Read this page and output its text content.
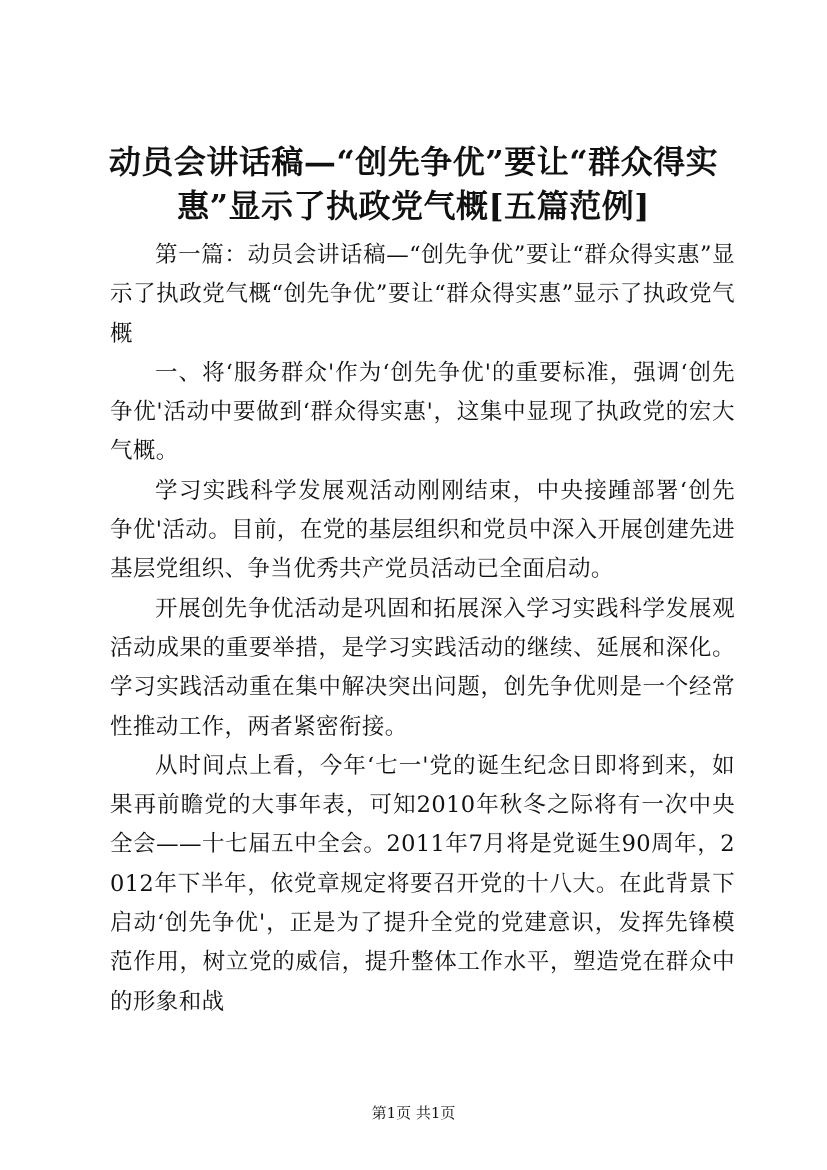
动员会讲话稿—“创先争优”要让“群众得实惠”显示了执政党气概[五篇范例]

第一篇：动员会讲话稿—“创先争优”要让“群众得实惠”显示了执政党气概“创先争优”要让“群众得实惠”显示了执政党气概

一、将‘服务群众'作为‘创先争优'的重要标准，强调‘创先争优'活动中要做到‘群众得实惠'，这集中显现了执政党的宏大气概。

学习实践科学发展观活动刚刚结束，中央接踵部署‘创先争优'活动。目前，在党的基层组织和党员中深入开展创建先进基层党组织、争当优秀共产党员活动已全面启动。

开展创先争优活动是巩固和拓展深入学习实践科学发展观活动成果的重要举措，是学习实践活动的继续、延展和深化。学习实践活动重在集中解决突出问题，创先争优则是一个经常性推动工作，两者紧密衔接。

从时间点上看，今年‘七一'党的诞生纪念日即将到来，如果再前瞻党的大事年表，可知2010年秋冬之际将有一次中央全会——十七届五中全会。2011年7月将是党诞生90周年，2012年下半年，依党章规定将要召开党的十八大。在此背景下启动‘创先争优'，正是为了提升全党的党建意识，发挥先锋模范作用，树立党的威信，提升整体工作水平，塑造党在群众中的形象和战

第1页 共1页
